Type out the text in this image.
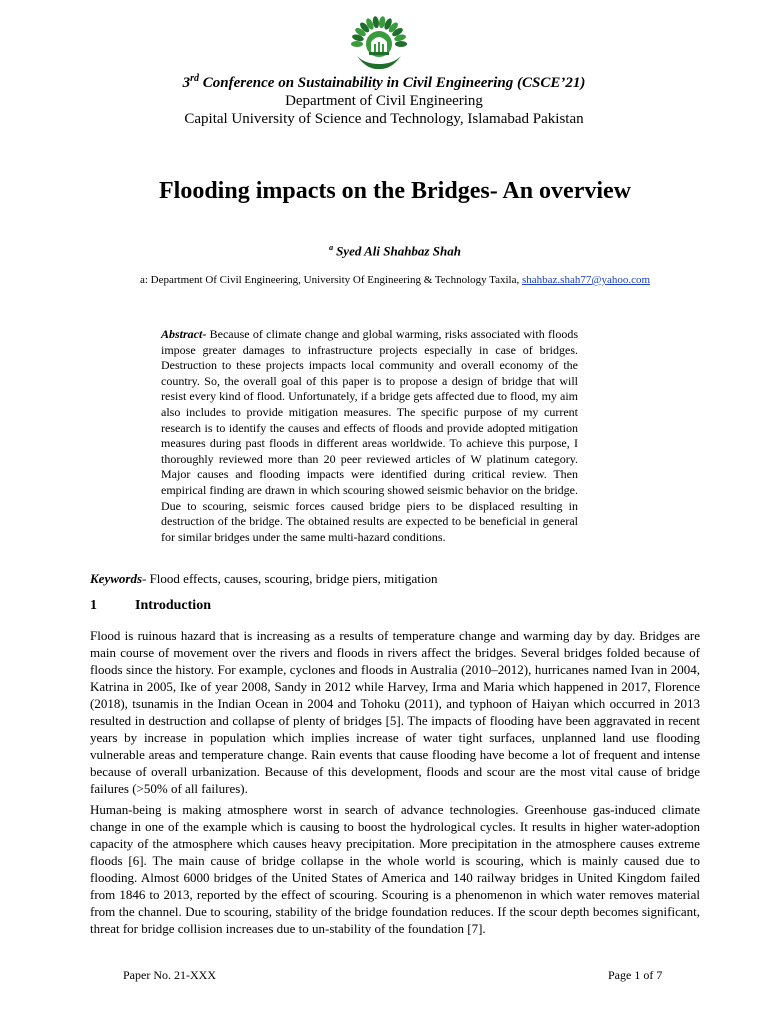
3rd Conference on Sustainability in Civil Engineering (CSCE’21)
Department of Civil Engineering
Capital University of Science and Technology, Islamabad Pakistan
Flooding impacts on the Bridges- An overview
$^a$ Syed Ali Shahbaz Shah
a: Department Of Civil Engineering, University Of Engineering & Technology Taxila, shahbaz.shah77@yahoo.com
Abstract- Because of climate change and global warming, risks associated with floods impose greater damages to infrastructure projects especially in case of bridges. Destruction to these projects impacts local community and overall economy of the country. So, the overall goal of this paper is to propose a design of bridge that will resist every kind of flood. Unfortunately, if a bridge gets affected due to flood, my aim also includes to provide mitigation measures. The specific purpose of my current research is to identify the causes and effects of floods and provide adopted mitigation measures during past floods in different areas worldwide. To achieve this purpose, I thoroughly reviewed more than 20 peer reviewed articles of W platinum category. Major causes and flooding impacts were identified during critical review. Then empirical finding are drawn in which scouring showed seismic behavior on the bridge. Due to scouring, seismic forces caused bridge piers to be displaced resulting in destruction of the bridge. The obtained results are expected to be beneficial in general for similar bridges under the same multi-hazard conditions.
Keywords- Flood effects, causes, scouring, bridge piers, mitigation
1	Introduction

Flood is ruinous hazard that is increasing as a results of temperature change and warming day by day. Bridges are main course of movement over the rivers and floods in rivers affect the bridges. Several bridges folded because of floods since the history. For example, cyclones and floods in Australia (2010–2012), hurricanes named Ivan in 2004, Katrina in 2005, Ike of year 2008, Sandy in 2012 while Harvey, Irma and Maria which happened in 2017, Florence (2018), tsunamis in the Indian Ocean in 2004 and Tohoku (2011), and typhoon of Haiyan which occurred in 2013 resulted in destruction and collapse of plenty of bridges [5]. The impacts of flooding have been aggravated in recent years by increase in population which implies increase of water tight surfaces, unplanned land use flooding vulnerable areas and temperature change. Rain events that cause flooding have become a lot of frequent and intense because of overall urbanization. Because of this development, floods and scour are the most vital cause of bridge failures (>50% of all failures).

Human-being is making atmosphere worst in search of advance technologies. Greenhouse gas-induced climate change in one of the example which is causing to boost the hydrological cycles. It results in higher water-adoption capacity of the atmosphere which causes heavy precipitation. More precipitation in the atmosphere causes extreme floods [6]. The main cause of bridge collapse in the whole world is scouring, which is mainly caused due to flooding. Almost 6000 bridges of the United States of America and 140 railway bridges in United Kingdom failed from 1846 to 2013, reported by the effect of scouring. Scouring is a phenomenon in which water removes material from the channel. Due to scouring, stability of the bridge foundation reduces. If the scour depth becomes significant, threat for bridge collision increases due to un-stability of the foundation [7].

Paper No. 21-XXX	Page 1 of 7
